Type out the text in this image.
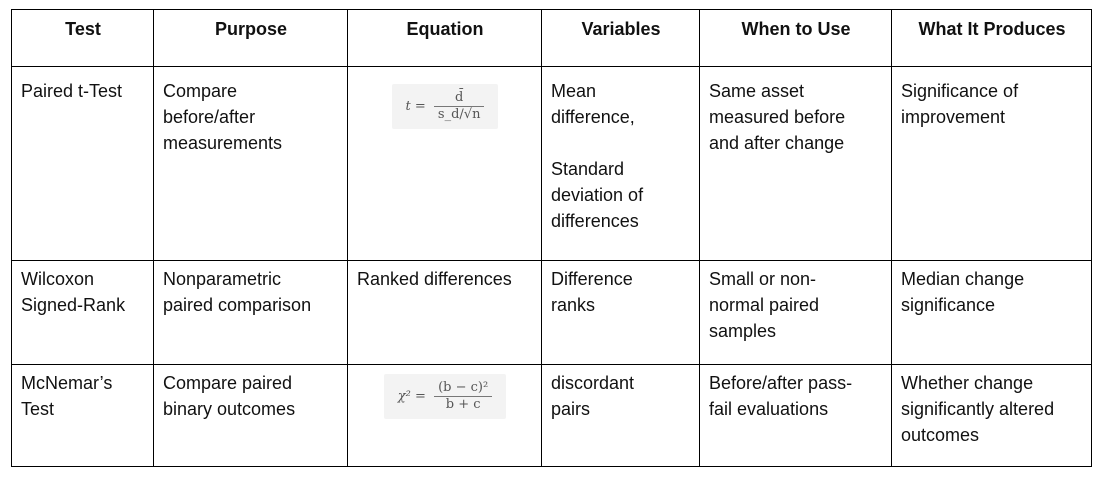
Test	Purpose	Equation	Variables	When to Use	What It Produces

Paired t-Test	Compare
before/after
measurements	$t = \frac{d̄}{s\_d/√n}$	Mean
difference,
Standard
deviation of
differences	Same asset
measured before
and after change	Significance of
improvement

Wilcoxon
Signed-Rank	Nonparametric
paired comparison	Ranked differences	Difference
ranks	Small or non-
normal paired
samples	Median change
significance

McNemar’s
Test	Compare paired
binary outcomes	$\chi^2 = \frac{\text{(b − c)²}}{b + c}$	discordant
pairs	Before/after pass-
fail evaluations	Whether change
significantly altered
outcomes
